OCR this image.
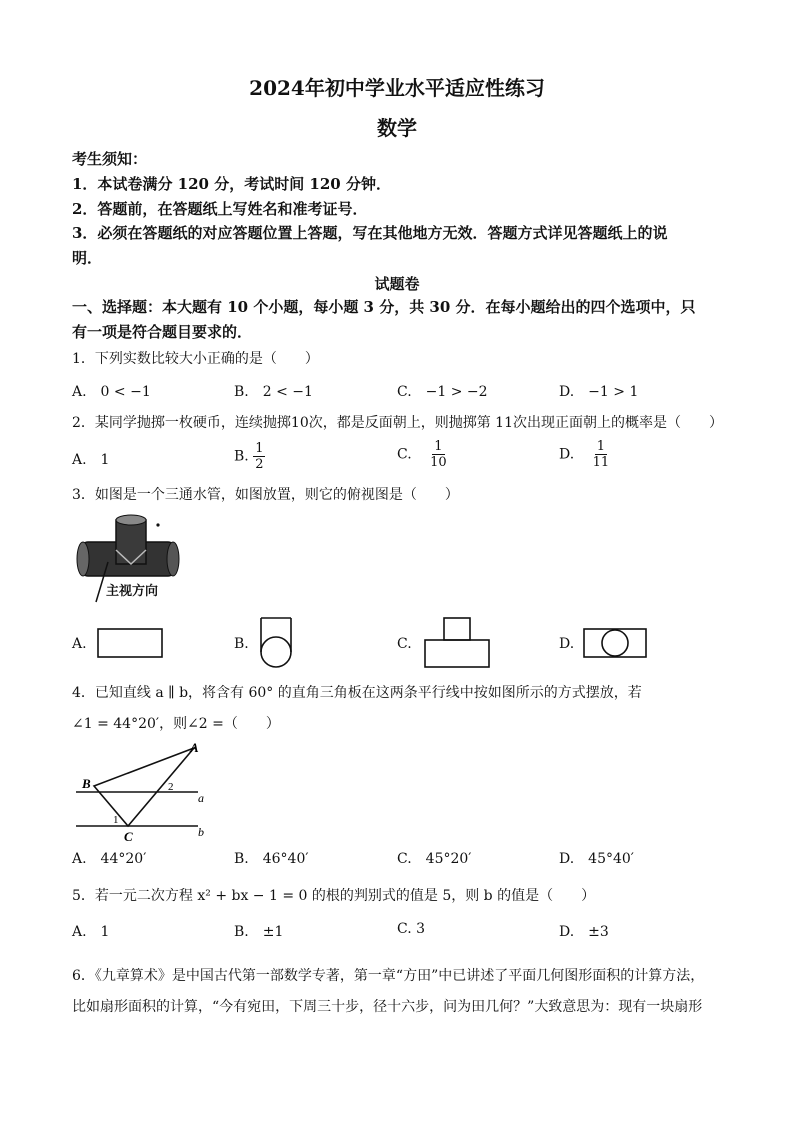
2024年初中学业水平适应性练习
数学
考生须知：
1．本试卷满分 120 分，考试时间 120 分钟．
2．答题前，在答题纸上写姓名和准考证号．
3．必须在答题纸的对应答题位置上答题，写在其他地方无效．答题方式详见答题纸上的说
明．
试题卷
一、选择题：本大题有 10 个小题，每小题 3 分，共 30 分．在每小题给出的四个选项中，只
有一项是符合题目要求的．
1．下列实数比较大小正确的是（　　）
A.　0 < −1	B.　2 < −1	C.　−1 > −2	D.　−1 > 1
2．某同学抛掷一枚硬币，连续抛掷10次，都是反面朝上，则抛掷第 11次出现正面朝上的概率是（　　）
A.　1	B. $\frac{1}{2}$	C. $\frac{1}{10}$	D. $\frac{1}{11}$
3．如图是一个三通水管，如图放置，则它的俯视图是（　　）
主视方向
A.	B.	C.	D.
4．已知直线 a ∥ b，将含有 60° 的直角三角板在这两条平行线中按如图所示的方式摆放，若
∠1 = 44°20′，则∠2 =（　　）
A
B
C
1
2
a
b
A.　44°20′	B.　46°40′	C.　45°20′	D.　45°40′
5．若一元二次方程 x² + bx − 1 = 0 的根的判别式的值是 5，则 b 的值是（　　）
A.　1	B.　±1	C. 3	D.　±3
6．《九章算术》是中国古代第一部数学专著，第一章“方田”中已讲述了平面几何图形面积的计算方法，
比如扇形面积的计算，“今有宛田，下周三十步，径十六步，问为田几何？”大致意思为：现有一块扇形
